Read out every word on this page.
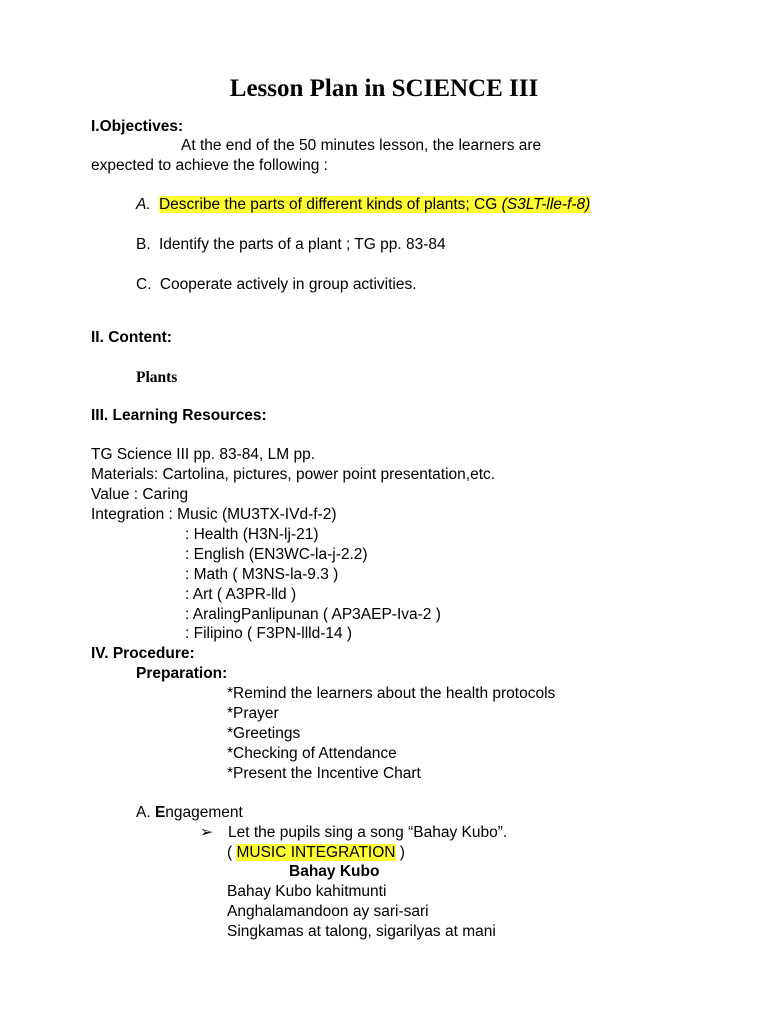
Lesson Plan in SCIENCE III
I.Objectives:
At the end of the 50 minutes lesson, the learners are
expected to achieve the following :
A. Describe the parts of different kinds of plants; CG (S3LT-lle-f-8)
B. Identify the parts of a plant ; TG pp. 83-84
C. Cooperate actively in group activities.
II. Content:
Plants
III. Learning Resources:
TG Science III pp. 83-84, LM pp.
Materials: Cartolina, pictures, power point presentation,etc.
Value : Caring
Integration : Music (MU3TX-IVd-f-2)
: Health (H3N-lj-21)
: English (EN3WC-la-j-2.2)
: Math ( M3NS-la-9.3 )
: Art ( A3PR-lld )
: AralingPanlipunan ( AP3AEP-Iva-2 )
: Filipino ( F3PN-llld-14 )
IV. Procedure:
Preparation:
*Remind the learners about the health protocols
*Prayer
*Greetings
*Checking of Attendance
*Present the Incentive Chart
A. Engagement
➢ Let the pupils sing a song “Bahay Kubo”.
( MUSIC INTEGRATION )
Bahay Kubo
Bahay Kubo kahitmunti
Anghalamandoon ay sari-sari
Singkamas at talong, sigarilyas at mani
